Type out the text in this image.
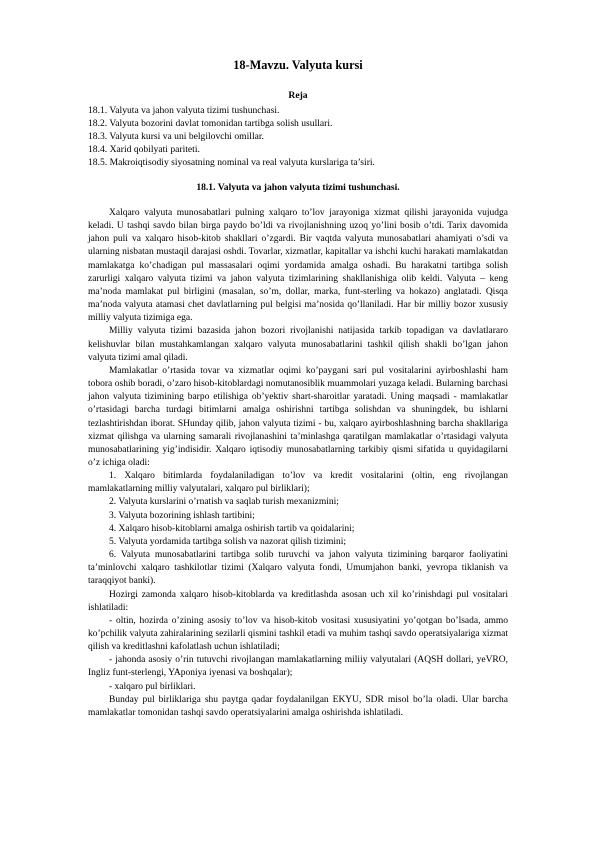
18-Mavzu. Valyuta kursi

Reja

18.1. Valyuta va jahon valyuta tizimi tushunchasi.

18.2. Valyuta bozorini davlat tomonidan tartibga solish usullari.

18.3. Valyuta kursi va uni belgilovchi omillar.

18.4. Xarid qobilyati pariteti.

18.5. Makroiqtisodiy siyosatning nominal va real valyuta kurslariga ta’siri.

18.1. Valyuta va jahon valyuta tizimi tushunchasi.

Xalqaro valyuta munosabatlari pulning xalqaro to’lov jarayoniga xizmat qilishi jarayonida vujudga keladi. U tashqi savdo bilan birga paydo bo’ldi va rivojlanishning uzoq yo’lini bosib o’tdi. Tarix davomida jahon puli va xalqaro hisob-kitob shakllari o’zgardi. Bir vaqtda valyuta munosabatlari ahamiyati o’sdi va ularning nisbatan mustaqil darajasi oshdi. Tovarlar, xizmatlar, kapitallar va ishchi kuchi harakati mamlakatdan mamlakatga ko’chadigan pul massasalari oqimi yordamida amalga oshadi. Bu harakatni tartibga solish zarurligi xalqaro valyuta tizimi va jahon valyuta tizimlarining shakllanishiga olib keldi. Valyuta – keng ma’noda mamlakat pul birligini (masalan, so’m, dollar, marka, funt-sterling va hokazo) anglatadi. Qisqa ma’noda valyuta atamasi chet davlatlarning pul belgisi ma’nosida qo’llaniladi. Har bir milliy bozor xususiy milliy valyuta tizimiga ega.

Milliy valyuta tizimi bazasida jahon bozori rivojlanishi natijasida tarkib topadigan va davlatlararo kelishuvlar bilan mustahkamlangan xalqaro valyuta munosabatlarini tashkil qilish shakli bo’lgan jahon valyuta tizimi amal qiladi.

Mamlakatlar o’rtasida tovar va xizmatlar oqimi ko’paygani sari pul vositalarini ayirboshlashi ham tobora oshib boradi, o’zaro hisob-kitoblardagi nomutanosiblik muammolari yuzaga keladi. Bularning barchasi jahon valyuta tizimining barpo etilishiga ob’yektiv shart-sharoitlar yaratadi. Uning maqsadi - mamlakatlar o’rtasidagi barcha turdagi bitimlarni amalga oshirishni tartibga solishdan va shuningdek, bu ishlarni tezlashtirishdan iborat. SHunday qilib, jahon valyuta tizimi - bu, xalqaro ayirboshlashning barcha shakllariga xizmat qilishga va ularning samarali rivojlanashini ta’minlashga qaratilgan mamlakatlar o’rtasidagi valyuta munosabatlarining yig’indisidir. Xalqaro iqtisodiy munosabatlarning tarkibiy qismi sifatida u quyidagilarni o’z ichiga oladi:

1. Xalqaro bitimlarda foydalaniladigan to’lov va kredit vositalarini (oltin, eng rivojlangan mamlakatlarning milliy valyutalari, xalqaro pul birliklari);

2. Valyuta kurslarini o’rnatish va saqlab turish mexanizmini;

3. Valyuta bozorining ishlash tartibini;

4. Xalqaro hisob-kitoblarni amalga oshirish tartib va qoidalarini;

5. Valyuta yordamida tartibga solish va nazorat qilish tizimini;

6. Valyuta munosabatlarini tartibga solib turuvchi va jahon valyuta tizimining barqaror faoliyatini ta’minlovchi xalqaro tashkilotlar tizimi (Xalqaro valyuta fondi, Umumjahon banki, yevropa tiklanish va taraqqiyot banki).

Hozirgi zamonda xalqaro hisob-kitoblarda va kreditlashda asosan uch xil ko’rinishdagi pul vositalari ishlatiladi:

- oltin, hozirda o’zining asosiy to’lov va hisob-kitob vositasi xususiyatini yo’qotgan bo’lsada, ammo ko’pchilik valyuta zahiralarining sezilarli qismini tashkil etadi va muhim tashqi savdo operatsiyalariga xizmat qilish va kreditlashni kafolatlash uchun ishlatiladi;

- jahonda asosiy o’rin tutuvchi rivojlangan mamlakatlarning miliiy valyutalari (AQSH dollari, yeVRO, Ingliz funt-sterlengi, YAponiya iyenasi va boshqalar);

- xalqaro pul birliklari.

Bunday pul birliklariga shu paytga qadar foydalanilgan EKYU, SDR misol bo’la oladi. Ular barcha mamlakatlar tomonidan tashqi savdo operatsiyalarini amalga oshirishda ishlatiladi.
